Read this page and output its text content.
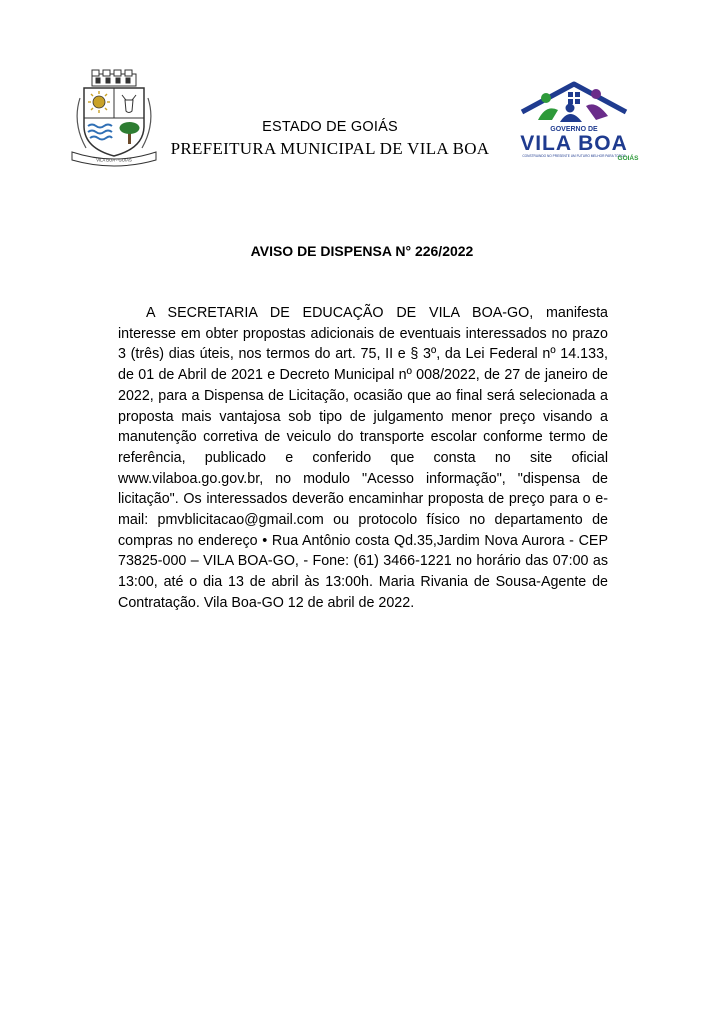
VILA BOA - GOIÁS
ESTADO DE GOIÁS
PREFEITURA MUNICIPAL DE VILA BOA
GOVERNO DE
VILA BOA
CONSTRUINDO NO PRESENTE UM FUTURO MELHOR PARA TODOS
GOIÁS
AVISO DE DISPENSA N° 226/2022
A SECRETARIA DE EDUCAÇÃO DE VILA BOA-GO, manifesta interesse em obter propostas adicionais de eventuais interessados no prazo 3 (três) dias úteis, nos termos do art. 75, II e § 3º, da Lei Federal nº 14.133, de 01 de Abril de 2021 e Decreto Municipal nº 008/2022, de 27 de janeiro de 2022, para a Dispensa de Licitação, ocasião que ao final será selecionada a proposta mais vantajosa sob tipo de julgamento menor preço visando a manutenção corretiva de veiculo do transporte escolar conforme termo de referência, publicado e conferido que consta no site oficial www.vilaboa.go.gov.br, no modulo "Acesso informação", "dispensa de licitação". Os interessados deverão encaminhar proposta de preço para o e-mail: pmvblicitacao@gmail.com ou protocolo físico no departamento de compras no endereço • Rua Antônio costa Qd.35,Jardim Nova Aurora - CEP 73825-000 – VILA BOA-GO, - Fone: (61) 3466-1221 no horário das 07:00 as 13:00, até o dia 13 de abril às 13:00h. Maria Rivania de Sousa-Agente de Contratação. Vila Boa-GO 12 de abril de 2022.
